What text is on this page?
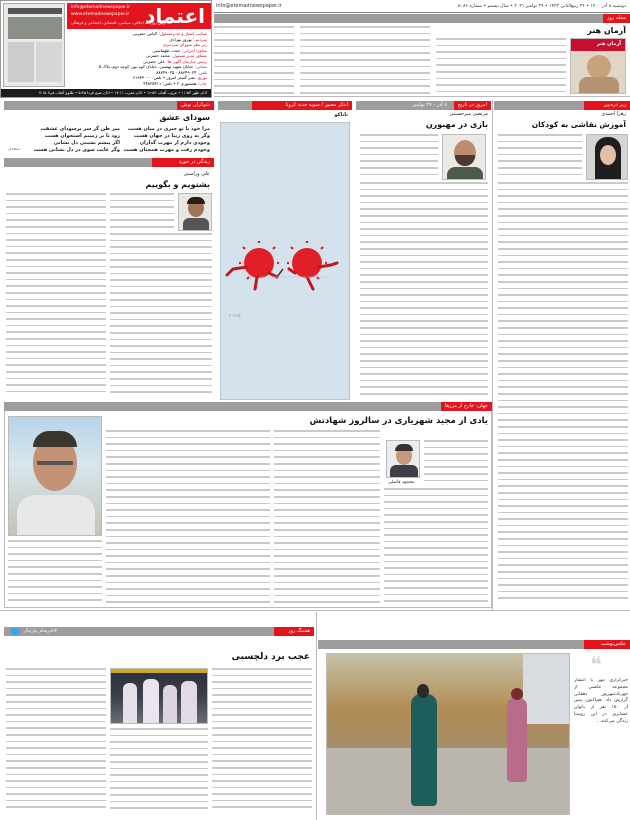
اعتماد
info@etemadnewspaper.ir
www.etemadnewspaper.ir
اولین روزنامه اخلاقی، سیاسی، اقتصادی، اجتماعی و فرهنگی
صاحب امتیاز و مدیرمسئول: الیاس حضرتی
سردبیر: بهروز بهزادی
زیر نظر شورای سردبیری
معاون اجرایی: حجت طهماسبی
مشاور مدیر مسئول: محمد حضرتی
رئیس سازمان آگهی ها: علی حضرتی
نشانی: خیابان شهید بهشتی، خیابان کوه نور، کوچه دوم، پلاک ۵
تلفن: ۸۸۳۴۹۰۲۴ - ۸۸۳۴۹۰۲۵
توزیع: نشر گستر امروز • تلفن: ۶۱۹۳۳۰۰۰
چاپ: همشهری ۲ • تلفن: ۴۴۸۲۵۴۱۱
اذان ظهر ۱۱:۵۳ • غروب آفتاب ۱۶:۵۲ • اذان مغرب ۱۷:۱۱ • اذان صبح فردا ۵:۴۵ • طلوع آفتاب فردا ۷:۱۵
info@etemadnewspaper.ir	دوشنبه ۸ آذر ۱۴۰۰ • ۲۴ ربیع‌الثانی ۱۴۴۳ • ۲۹ نوامبر ۲۰۲۱ • سال بیستم • شماره ۵۰۸۶
مجله روز
آرمان هنر
آرمان هنر
شوکران نوش
سودای عشق
مرا خود با تو چیزی در میان هست
وگر نه روی زیبا در جهان هست
وجودی دارم از مهرت گدازان
وجودم رفت و مهرت همچنان هست
میر ظن گر سر برسودای عشقت
رود تا بر زمینم استخوان هست
اگر پیشم نشینی دل نشانی
وگر غایب شوی در دل نشانی هست
سعدی
زندگی در خورد
علی ورامینی
بشنویم و بگوییم
ابتکر مصور / سویه جدید کرونا
ناناکو
۲۰۲۱/۲
امروز در تاریخ
۸ آذر - ۲۹ نوامبر
مرتضی میرحسینی
بازی در مهبورن
زیر ذره‌بین
زهرا احمدی
آموزش نقاشی به کودکان
جهان: خارج از مرزها
یادی از مجید شهریاری در سالروز شهادتش
محمود قاضلی
هشتگ روز
#تابرشاه_بیارتیال
عجب برد دلچسبی
عکس‌نوشت
❝
خبرگزاری مهر با انتشار مجموعه عکسی از جهرنادشهریور دهقانی گزارش داد. هم‌اکنون بیش از ۱۵۰ نفر از بانوان عشایری در این روستا زندگی می‌کنند...
